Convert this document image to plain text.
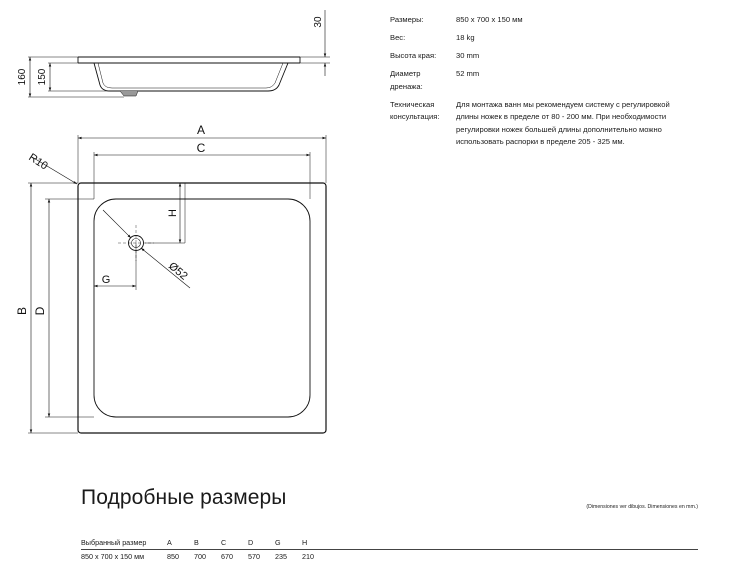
160 150
30
A
C
B D
H
G
R10
Ø52
Размеры:	850 x 700 x 150 мм
Вес:	18 kg
Высота края:	30 mm
Диаметр
дренажа:
52 mm
Техническая
консультация:
Для монтажа ванн мы рекомендуем систему с регулировкой
длины ножек в пределе от 80 - 200 мм. При необходимости
регулировки ножек большей длины дополнительно можно
использовать распорки в пределе 205 - 325 мм.
Подробные размеры	(Dimensiones ver dibujos. Dimensiones en mm.)
Выбранный размер	A	B	C	D	G	H
850 x 700 x 150 мм	850	700	670	570	235	210
